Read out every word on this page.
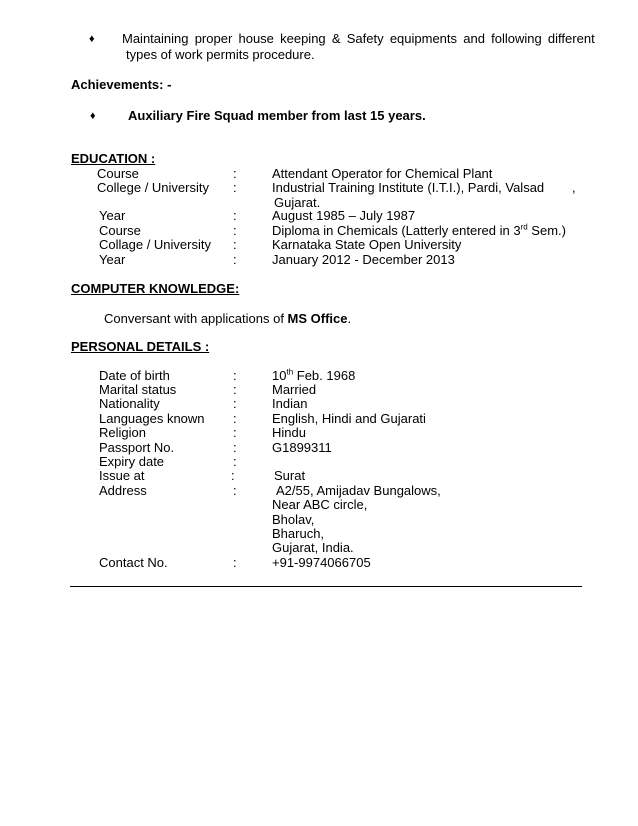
♦ Maintaining proper house keeping & Safety equipments and following different
types of work permits procedure.
Achievements: -
♦ Auxiliary Fire Squad member from last 15 years.
EDUCATION :
Course	:	Attendant Operator for Chemical Plant
College / University :	Industrial Training Institute (I.T.I.), Pardi, Valsad ,
Gujarat.
Year	:	August 1985 – July 1987
Course	:	Diploma in Chemicals (Latterly entered in 3rd Sem.)
Collage / University :	Karnataka State Open University
Year	:	January 2012 - December 2013
COMPUTER KNOWLEDGE:
Conversant with applications of MS Office.
PERSONAL DETAILS :
Date of birth	:	10th Feb. 1968
Marital status	:	Married
Nationality	:	Indian
Languages known :	English, Hindi and Gujarati
Religion	:	Hindu
Passport No.	:	G1899311
Expiry date	:
Issue at	:	Surat
Address	:	A2/55, Amijadav Bungalows,
Near ABC circle,
Bholav,
Bharuch,
Gujarat, India.
Contact No.	:	+91-9974066705
